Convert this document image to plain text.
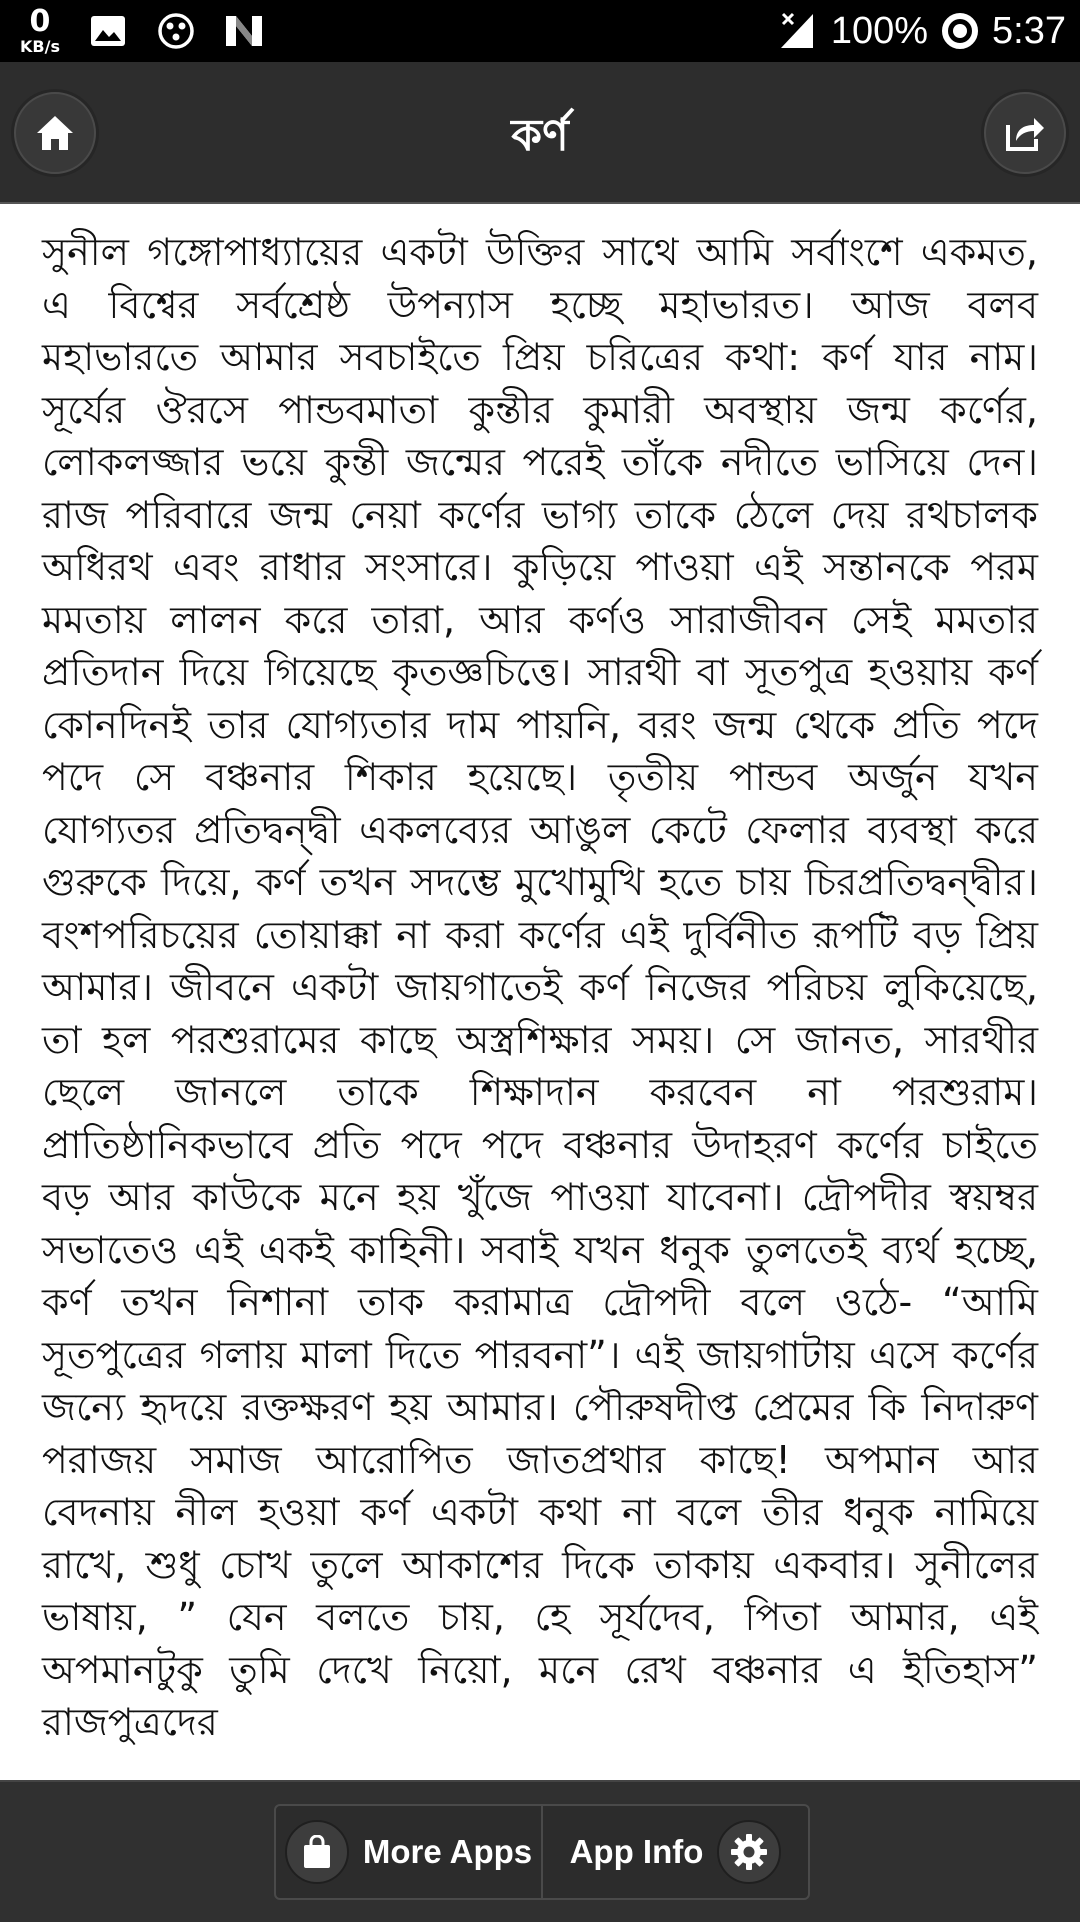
0
KB/s	100% 5:37
কর্ণ

সুনীল গঙ্গোপাধ্যায়ের একটা উক্তির সাথে আমি সর্বাংশে একমত, এ বিশ্বের সর্বশ্রেষ্ঠ উপন্যাস হচ্ছে মহাভারত। আজ বলব মহাভারতে আমার সবচাইতে প্রিয় চরিত্রের কথা: কর্ণ যার নাম। সূর্যের ঔরসে পান্ডবমাতা কুন্তীর কুমারী অবস্থায় জন্ম কর্ণের, লোকলজ্জার ভয়ে কুন্তী জন্মের পরেই তাঁকে নদীতে ভাসিয়ে দেন। রাজ পরিবারে জন্ম নেয়া কর্ণের ভাগ্য তাকে ঠেলে দেয় রথচালক অধিরথ এবং রাধার সংসারে। কুড়িয়ে পাওয়া এই সন্তানকে পরম মমতায় লালন করে তারা, আর কর্ণও সারাজীবন সেই মমতার প্রতিদান দিয়ে গিয়েছে কৃতজ্ঞচিত্তে। সারথী বা সূতপুত্র হওয়ায় কর্ণ কোনদিনই তার যোগ্যতার দাম পায়নি, বরং জন্ম থেকে প্রতি পদে পদে সে বঞ্চনার শিকার হয়েছে। তৃতীয় পান্ডব অর্জুন যখন যোগ্যতর প্রতিদ্বন্দ্বী একলব্যের আঙুল কেটে ফেলার ব্যবস্থা করে গুরুকে দিয়ে, কর্ণ তখন সদম্ভে মুখোমুখি হতে চায় চিরপ্রতিদ্বন্দ্বীর। বংশপরিচয়ের তোয়াক্কা না করা কর্ণের এই দুর্বিনীত রূপটি বড় প্রিয় আমার। জীবনে একটা জায়গাতেই কর্ণ নিজের পরিচয় লুকিয়েছে, তা হল পরশুরামের কাছে অস্ত্রশিক্ষার সময়। সে জানত, সারথীর ছেলে জানলে তাকে শিক্ষাদান করবেন না পরশুরাম। প্রাতিষ্ঠানিকভাবে প্রতি পদে পদে বঞ্চনার উদাহরণ কর্ণের চাইতে বড় আর কাউকে মনে হয় খুঁজে পাওয়া যাবেনা। দ্রৌপদীর স্বয়ম্বর সভাতেও এই একই কাহিনী। সবাই যখন ধনুক তুলতেই ব্যর্থ হচ্ছে, কর্ণ তখন নিশানা তাক করামাত্র দ্রৌপদী বলে ওঠে- “আমি সূতপুত্রের গলায় মালা দিতে পারবনা”। এই জায়গাটায় এসে কর্ণের জন্যে হৃদয়ে রক্তক্ষরণ হয় আমার। পৌরুষদীপ্ত প্রেমের কি নিদারুণ পরাজয় সমাজ আরোপিত জাতপ্রথার কাছে! অপমান আর বেদনায় নীল হওয়া কর্ণ একটা কথা না বলে তীর ধনুক নামিয়ে রাখে, শুধু চোখ তুলে আকাশের দিকে তাকায় একবার। সুনীলের ভাষায়, ” যেন বলতে চায়, হে সূর্যদেব, পিতা আমার, এই অপমানটুকু তুমি দেখে নিয়ো, মনে রেখ বঞ্চনার এ ইতিহাস” রাজপুত্রদের

More Apps App Info
